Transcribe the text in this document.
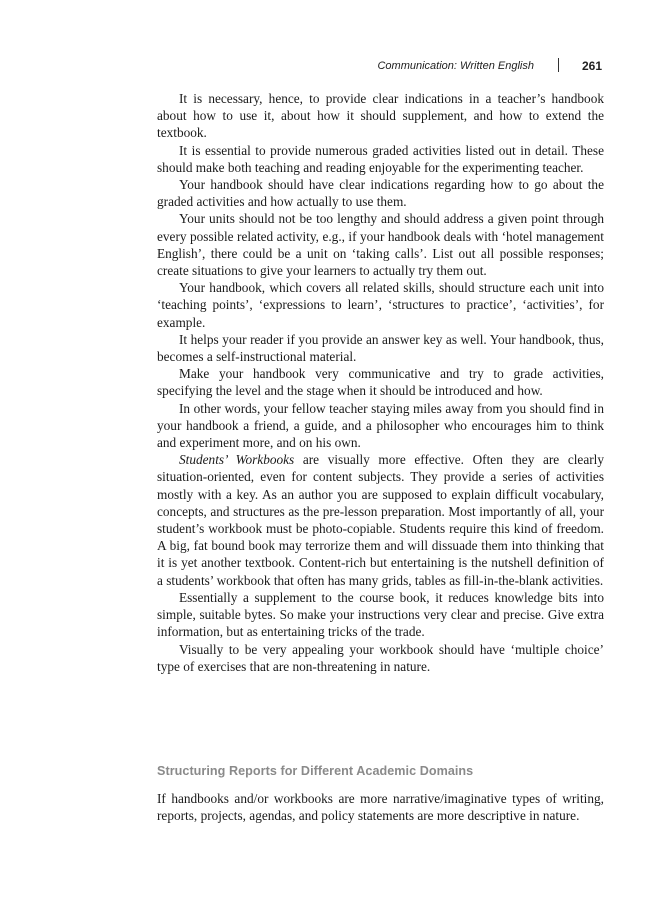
Communication: Written English	261

It is necessary, hence, to provide clear indications in a teacher’s handbook about how to use it, about how it should supplement, and how to extend the textbook.

It is essential to provide numerous graded activities listed out in detail. These should make both teaching and reading enjoyable for the experimenting teacher.

Your handbook should have clear indications regarding how to go about the graded activities and how actually to use them.

Your units should not be too lengthy and should address a given point through every possible related activity, e.g., if your handbook deals with ‘hotel management English’, there could be a unit on ‘taking calls’. List out all possible responses; create situations to give your learners to actually try them out.

Your handbook, which covers all related skills, should structure each unit into ‘teaching points’, ‘expressions to learn’, ‘structures to practice’, ‘activities’, for example.

It helps your reader if you provide an answer key as well. Your handbook, thus, becomes a self-instructional material.

Make your handbook very communicative and try to grade activities, specifying the level and the stage when it should be introduced and how.

In other words, your fellow teacher staying miles away from you should find in your handbook a friend, a guide, and a philosopher who encourages him to think and experiment more, and on his own.

Students’ Workbooks are visually more effective. Often they are clearly situation-oriented, even for content subjects. They provide a series of activities mostly with a key. As an author you are supposed to explain difficult vocabulary, concepts, and structures as the pre-lesson preparation. Most importantly of all, your student’s workbook must be photo-copiable. Students require this kind of freedom. A big, fat bound book may terrorize them and will dissuade them into thinking that it is yet another textbook. Content-rich but entertaining is the nutshell definition of a students’ workbook that often has many grids, tables as fill-in-the-blank activities.

Essentially a supplement to the course book, it reduces knowledge bits into simple, suitable bytes. So make your instructions very clear and precise. Give extra information, but as entertaining tricks of the trade.

Visually to be very appealing your workbook should have ‘multiple choice’ type of exercises that are non-threatening in nature.

Structuring Reports for Different Academic Domains

If handbooks and/or workbooks are more narrative/imaginative types of writing, reports, projects, agendas, and policy statements are more descriptive in nature.
